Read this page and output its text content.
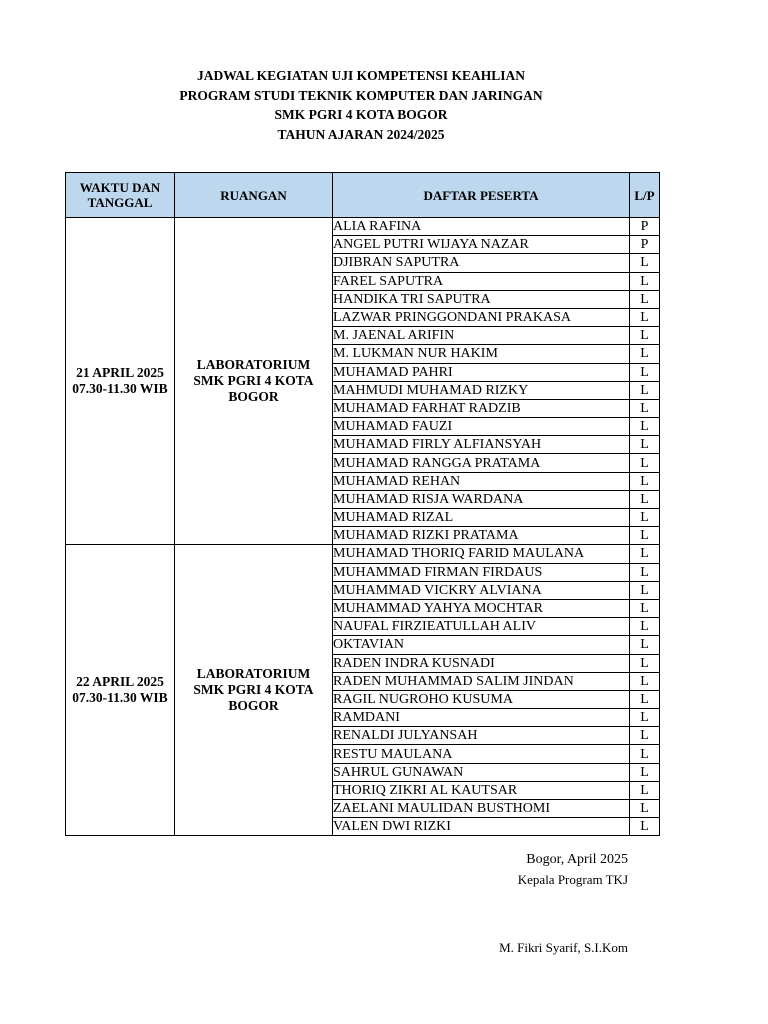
JADWAL KEGIATAN UJI KOMPETENSI KEAHLIAN
PROGRAM STUDI TEKNIK KOMPUTER DAN JARINGAN
SMK PGRI 4 KOTA BOGOR
TAHUN AJARAN 2024/2025
WAKTU DAN
TANGGAL	RUANGAN	DAFTAR PESERTA	L/P
21 APRIL 2025
07.30-11.30 WIB	LABORATORIUM
SMK PGRI 4 KOTA
BOGOR	ALIA RAFINA	P
		ANGEL PUTRI WIJAYA NAZAR	P
		DJIBRAN SAPUTRA	L
		FAREL SAPUTRA	L
		HANDIKA TRI SAPUTRA	L
		LAZWAR PRINGGONDANI PRAKASA	L
		M. JAENAL ARIFIN	L
		M. LUKMAN NUR HAKIM	L
		MUHAMAD PAHRI	L
		MAHMUDI MUHAMAD RIZKY	L
		MUHAMAD FARHAT RADZIB	L
		MUHAMAD FAUZI	L
		MUHAMAD FIRLY ALFIANSYAH	L
		MUHAMAD RANGGA PRATAMA	L
		MUHAMAD REHAN	L
		MUHAMAD RISJA WARDANA	L
		MUHAMAD RIZAL	L
		MUHAMAD RIZKI PRATAMA	L
22 APRIL 2025
07.30-11.30 WIB	LABORATORIUM
SMK PGRI 4 KOTA
BOGOR	MUHAMAD THORIQ FARID MAULANA	L
		MUHAMMAD FIRMAN FIRDAUS	L
		MUHAMMAD VICKRY ALVIANA	L
		MUHAMMAD YAHYA MOCHTAR	L
		NAUFAL FIRZIEATULLAH ALIV	L
		OKTAVIAN	L
		RADEN INDRA KUSNADI	L
		RADEN MUHAMMAD SALIM JINDAN	L
		RAGIL NUGROHO KUSUMA	L
		RAMDANI	L
		RENALDI JULYANSAH	L
		RESTU MAULANA	L
		SAHRUL GUNAWAN	L
		THORIQ ZIKRI AL KAUTSAR	L
		ZAELANI MAULIDAN BUSTHOMI	L
		VALEN DWI RIZKI	L
Bogor, April 2025
Kepala Program TKJ
M. Fikri Syarif, S.I.Kom
